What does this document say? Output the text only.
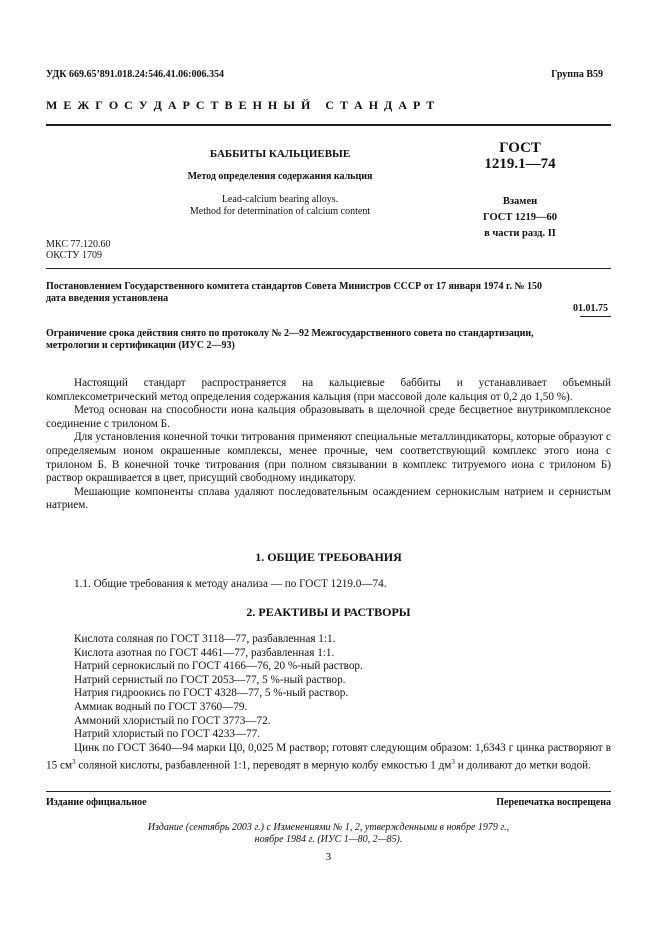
УДК 669.65’891.018.24:546.41.06:006.354	Группа В59
М Е Ж Г О С У Д А Р С Т В Е Н Н Ы Й   С Т А Н Д А Р Т
БАББИТЫ КАЛЬЦИЕВЫЕ
Метод определения содержания кальция
Lead-calcium bearing alloys.
Method for determination of calcium content
ГОСТ
1219.1—74
Взамен
ГОСТ 1219—60
в части разд. II
МКС 77.120.60
ОКСТУ 1709
Постановлением Государственного комитета стандартов Совета Министров СССР от 17 января 1974 г. № 150
дата введения установлена
01.01.75
Ограничение срока действия снято по протоколу № 2—92 Межгосударственного совета по стандартизации,
метрологии и сертификации (ИУС 2—93)
Настоящий стандарт распространяется на кальциевые баббиты и устанавливает объемный комплексометрический метод определения содержания кальция (при массовой доле кальция от 0,2 до 1,50 %).
Метод основан на способности иона кальция образовывать в щелочной среде бесцветное внутрикомплексное соединение с трилоном Б.
Для установления конечной точки титрования применяют специальные металлиндикаторы, которые образуют с определяемым ионом окрашенные комплексы, менее прочные, чем соответствующий комплекс этого иона с трилоном Б. В конечной точке титрования (при полном связывании в комплекс титруемого иона с трилоном Б) раствор окрашивается в цвет, присущий свободному индикатору.
Мешающие компоненты сплава удаляют последовательным осаждением сернокислым натрием и сернистым натрием.
1. ОБЩИЕ ТРЕБОВАНИЯ
1.1. Общие требования к методу анализа — по ГОСТ 1219.0—74.
2. РЕАКТИВЫ И РАСТВОРЫ
Кислота соляная по ГОСТ 3118—77, разбавленная 1:1.
Кислота азотная по ГОСТ 4461—77, разбавленная 1:1.
Натрий сернокислый по ГОСТ 4166—76, 20 %-ный раствор.
Натрий сернистый по ГОСТ 2053—77, 5 %-ный раствор.
Натрия гидроокись по ГОСТ 4328—77, 5 %-ный раствор.
Аммиак водный по ГОСТ 3760—79.
Аммоний хлористый по ГОСТ 3773—72.
Натрий хлористый по ГОСТ 4233—77.
Цинк по ГОСТ 3640—94 марки Ц0, 0,025 М раствор; готовят следующим образом: 1,6343 г цинка растворяют в 15 $см^3$ соляной кислоты, разбавленной 1:1, переводят в мерную колбу емкостью 1 $дм^3$ и доливают до метки водой.
Издание официальное	Перепечатка воспрещена
Издание (сентябрь 2003 г.) с Изменениями № 1, 2, утвержденными в ноябре 1979 г.,
ноябре 1984 г. (ИУС 1—80, 2—85).
3
